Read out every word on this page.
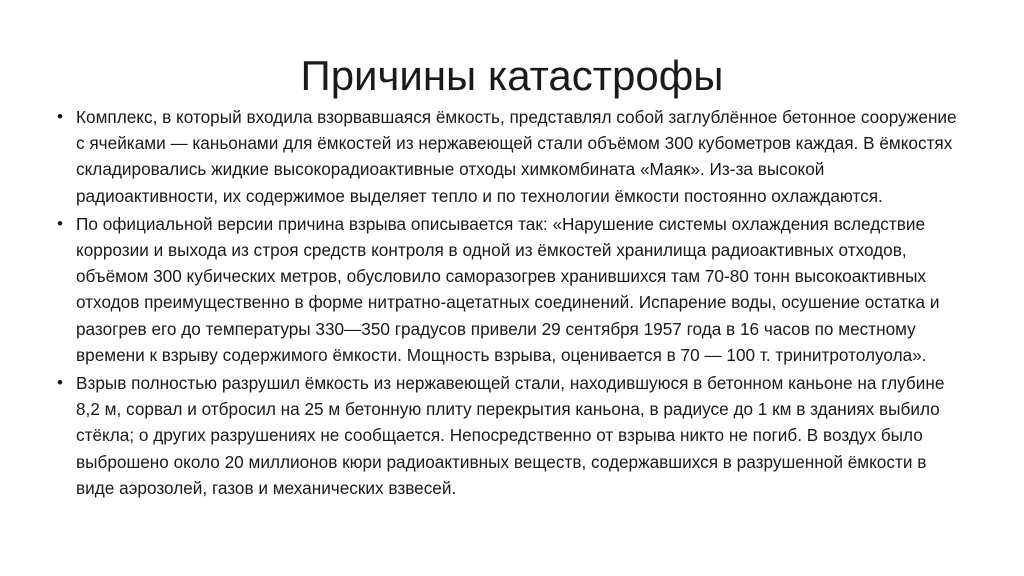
Причины катастрофы
• Комплекс, в который входила взорвавшаяся ёмкость, представлял собой заглублённое бетонное сооружение с ячейками — каньонами для ёмкостей из нержавеющей стали объёмом 300 кубометров каждая. В ёмкостях складировались жидкие высокорадиоактивные отходы химкомбината «Маяк». Из-за высокой радиоактивности, их содержимое выделяет тепло и по технологии ёмкости постоянно охлаждаются.
• По официальной версии причина взрыва описывается так: «Нарушение системы охлаждения вследствие коррозии и выхода из строя средств контроля в одной из ёмкостей хранилища радиоактивных отходов, объёмом 300 кубических метров, обусловило саморазогрев хранившихся там 70-80 тонн высокоактивных отходов преимущественно в форме нитратно-ацетатных соединений. Испарение воды, осушение остатка и разогрев его до температуры 330—350 градусов привели 29 сентября 1957 года в 16 часов по местному времени к взрыву содержимого ёмкости. Мощность взрыва, оценивается в 70 — 100 т. тринитротолуола».
• Взрыв полностью разрушил ёмкость из нержавеющей стали, находившуюся в бетонном каньоне на глубине 8,2 м, сорвал и отбросил на 25 м бетонную плиту перекрытия каньона, в радиусе до 1 км в зданиях выбило стёкла; о других разрушениях не сообщается. Непосредственно от взрыва никто не погиб. В воздух было выброшено около 20 миллионов кюри радиоактивных веществ, содержавшихся в разрушенной ёмкости в виде аэрозолей, газов и механических взвесей.
